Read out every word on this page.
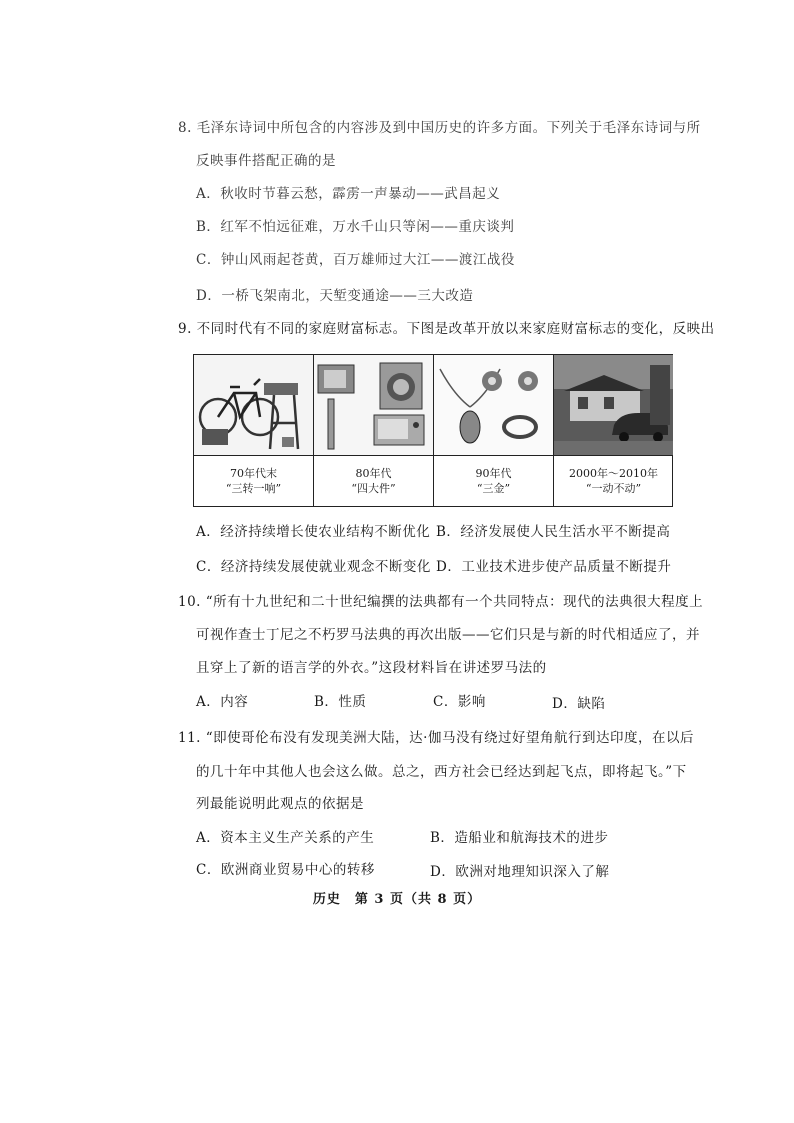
8. 毛泽东诗词中所包含的内容涉及到中国历史的许多方面。下列关于毛泽东诗词与所
反映事件搭配正确的是
A．秋收时节暮云愁，霹雳一声暴动——武昌起义
B．红军不怕远征难，万水千山只等闲——重庆谈判
C．钟山风雨起苍黄，百万雄师过大江——渡江战役
D．一桥飞架南北，天堑变通途——三大改造
9. 不同时代有不同的家庭财富标志。下图是改革开放以来家庭财富标志的变化，反映出
70年代末
“三转一响”
80年代
“四大件”
90年代
“三金”
2000年～2010年
“一动不动”
A．经济持续增长使农业结构不断优化 B．经济发展使人民生活水平不断提高
C．经济持续发展使就业观念不断变化 D．工业技术进步使产品质量不断提升
10. “所有十九世纪和二十世纪编撰的法典都有一个共同特点：现代的法典很大程度上
可视作查士丁尼之不朽罗马法典的再次出版——它们只是与新的时代相适应了，并
且穿上了新的语言学的外衣。”这段材料旨在讲述罗马法的
A．内容	B．性质	C．影响	D．缺陷
11. “即使哥伦布没有发现美洲大陆，达·伽马没有绕过好望角航行到达印度，在以后
的几十年中其他人也会这么做。总之，西方社会已经达到起飞点，即将起飞。”下
列最能说明此观点的依据是
A．资本主义生产关系的产生	B．造船业和航海技术的进步
C．欧洲商业贸易中心的转移	D．欧洲对地理知识深入了解
历史　第 3 页（共 8 页）
